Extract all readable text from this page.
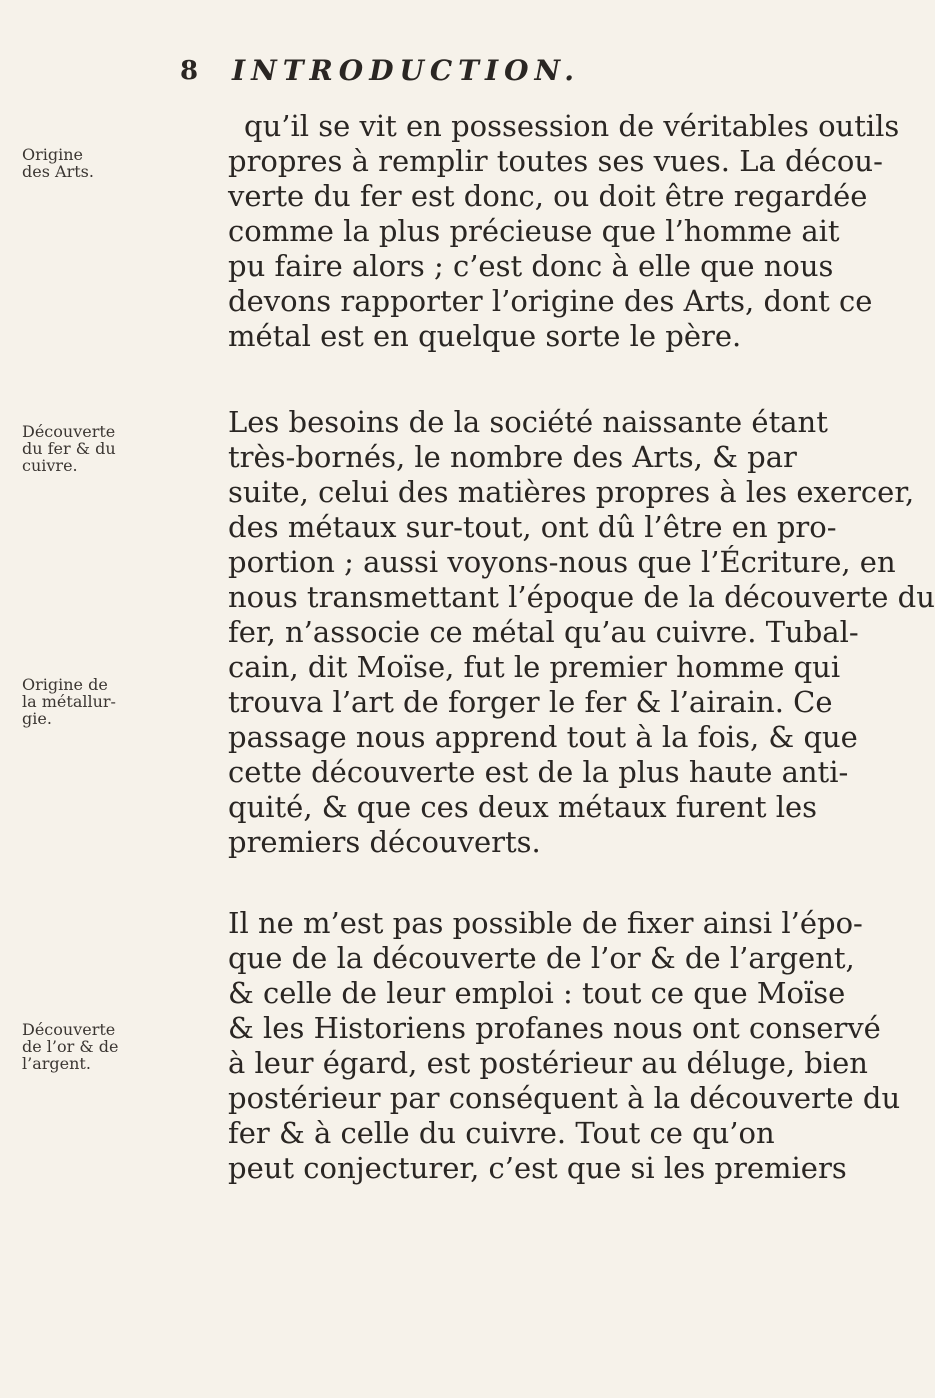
8 INTRODUCTION.
Origine
des Arts.
Découverte
du fer & du
cuivre.
Origine de
la métallur-
gie.
Découverte
de l’or & de
l’argent.
qu’il se vit en possession de véritables outils
propres à remplir toutes ses vues. La décou-
verte du fer est donc, ou doit être regardée
comme la plus précieuse que l’homme ait
pu faire alors ; c’est donc à elle que nous
devons rapporter l’origine des Arts, dont ce
métal est en quelque sorte le père.
Les besoins de la société naissante étant
très-bornés, le nombre des Arts, & par
suite, celui des matières propres à les exercer,
des métaux sur-tout, ont dû l’être en pro-
portion ; aussi voyons-nous que l’Écriture, en
nous transmettant l’époque de la découverte du
fer, n’associe ce métal qu’au cuivre. Tubal-
cain, dit Moïse, fut le premier homme qui
trouva l’art de forger le fer & l’airain. Ce
passage nous apprend tout à la fois, & que
cette découverte est de la plus haute anti-
quité, & que ces deux métaux furent les
premiers découverts.
Il ne m’est pas possible de fixer ainsi l’épo-
que de la découverte de l’or & de l’argent,
& celle de leur emploi : tout ce que Moïse
& les Historiens profanes nous ont conservé
à leur égard, est postérieur au déluge, bien
postérieur par conséquent à la découverte du
fer & à celle du cuivre. Tout ce qu’on
peut conjecturer, c’est que si les premiers
